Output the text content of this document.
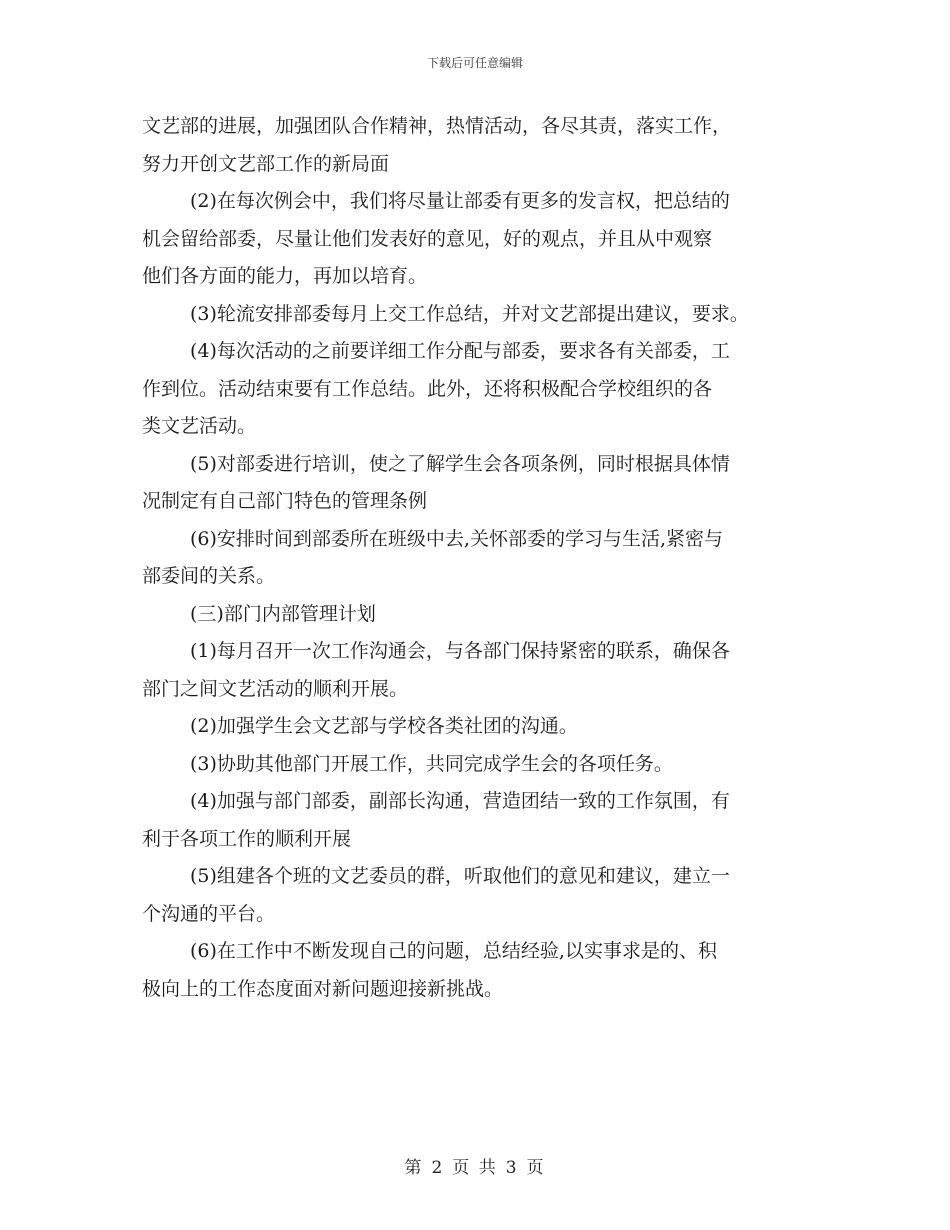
下载后可任意编辑
文艺部的进展，加强团队合作精神，热情活动，各尽其责，落实工作，
努力开创文艺部工作的新局面
(2)在每次例会中，我们将尽量让部委有更多的发言权，把总结的
机会留给部委，尽量让他们发表好的意见，好的观点，并且从中观察
他们各方面的能力，再加以培育。
(3)轮流安排部委每月上交工作总结，并对文艺部提出建议，要求。
(4)每次活动的之前要详细工作分配与部委，要求各有关部委，工
作到位。活动结束要有工作总结。此外，还将积极配合学校组织的各
类文艺活动。
(5)对部委进行培训，使之了解学生会各项条例，同时根据具体情
况制定有自己部门特色的管理条例
(6)安排时间到部委所在班级中去,关怀部委的学习与生活,紧密与
部委间的关系。
(三)部门内部管理计划
(1)每月召开一次工作沟通会，与各部门保持紧密的联系，确保各
部门之间文艺活动的顺利开展。
(2)加强学生会文艺部与学校各类社团的沟通。
(3)协助其他部门开展工作，共同完成学生会的各项任务。
(4)加强与部门部委，副部长沟通，营造团结一致的工作氛围，有
利于各项工作的顺利开展
(5)组建各个班的文艺委员的群，听取他们的意见和建议，建立一
个沟通的平台。
(6)在工作中不断发现自己的问题，总结经验,以实事求是的、积
极向上的工作态度面对新问题迎接新挑战。
第 2 页 共 3 页
